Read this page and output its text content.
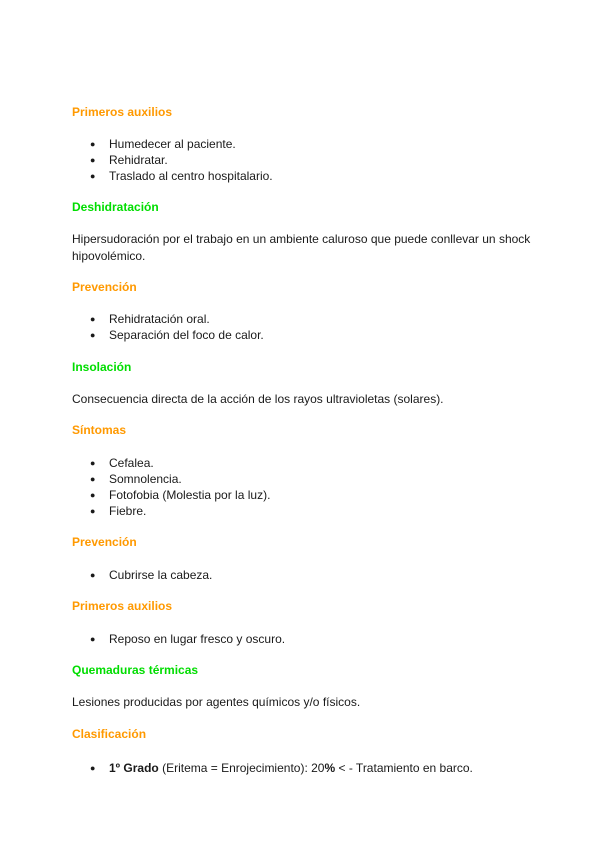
Primeros auxilios
● Humedecer al paciente.
● Rehidratar.
● Traslado al centro hospitalario.
Deshidratación

Hipersudoración por el trabajo en un ambiente caluroso que puede conllevar un shock hipovolémico.

Prevención
● Rehidratación oral.
● Separación del foco de calor.
Insolación

Consecuencia directa de la acción de los rayos ultravioletas (solares).

Síntomas
● Cefalea.
● Somnolencia.
● Fotofobia (Molestia por la luz).
● Fiebre.
Prevención
● Cubrirse la cabeza.
Primeros auxilios
● Reposo en lugar fresco y oscuro.
Quemaduras térmicas

Lesiones producidas por agentes químicos y/o físicos.

Clasificación
● 1º Grado (Eritema = Enrojecimiento): 20% < - Tratamiento en barco.
